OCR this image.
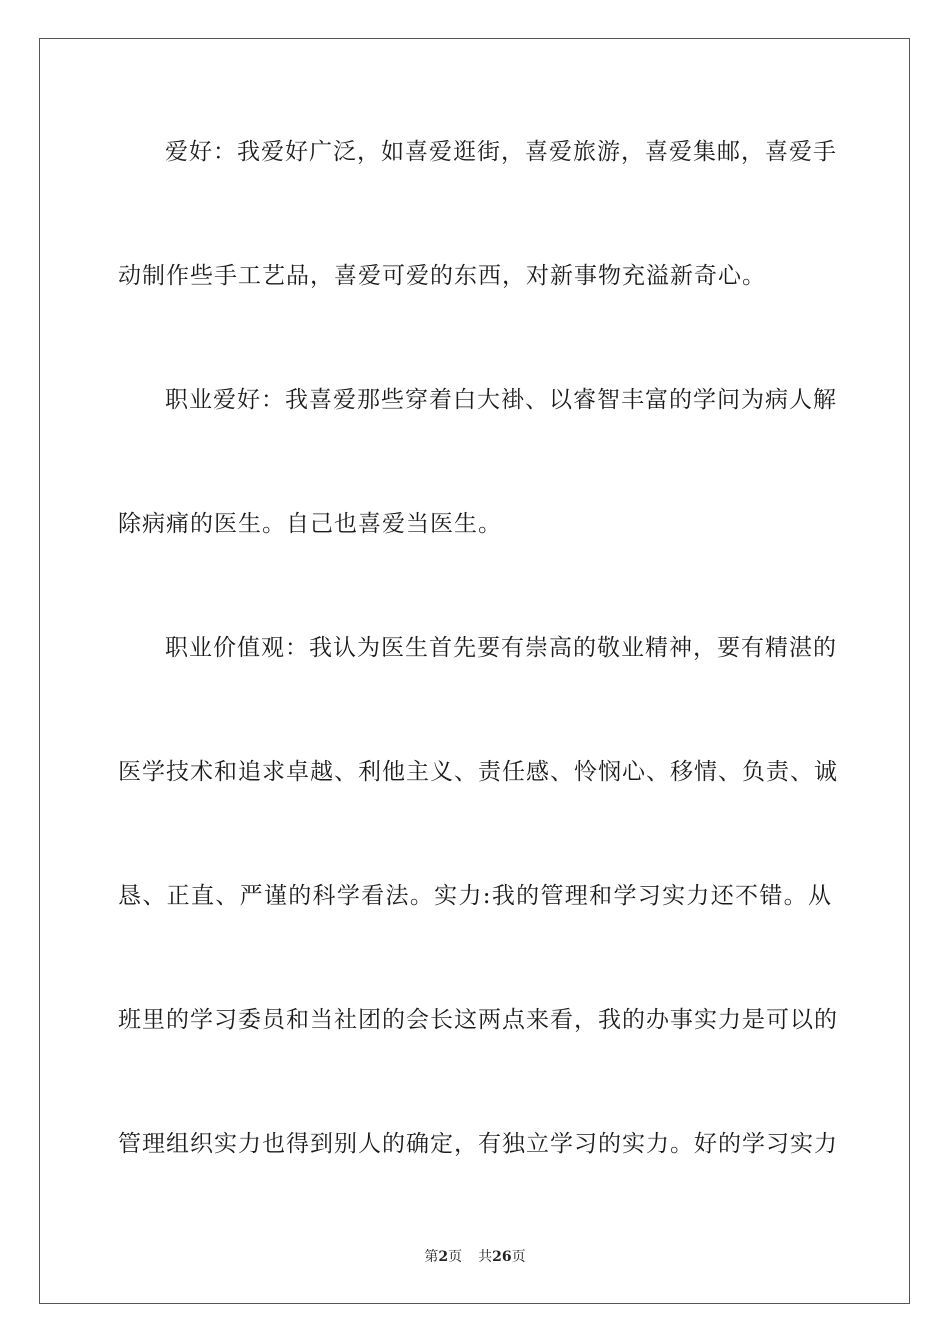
爱好：我爱好广泛，如喜爱逛街，喜爱旅游，喜爱集邮，喜爱手
动制作些手工艺品，喜爱可爱的东西，对新事物充溢新奇心。
职业爱好：我喜爱那些穿着白大褂、以睿智丰富的学问为病人解
除病痛的医生。自己也喜爱当医生。
职业价值观：我认为医生首先要有崇高的敬业精神，要有精湛的
医学技术和追求卓越、利他主义、责任感、怜悯心、移情、负责、诚
恳、正直、严谨的科学看法。实力:我的管理和学习实力还不错。从
班里的学习委员和当社团的会长这两点来看，我的办事实力是可以的
管理组织实力也得到别人的确定，有独立学习的实力。好的学习实力
第2页 共26页
